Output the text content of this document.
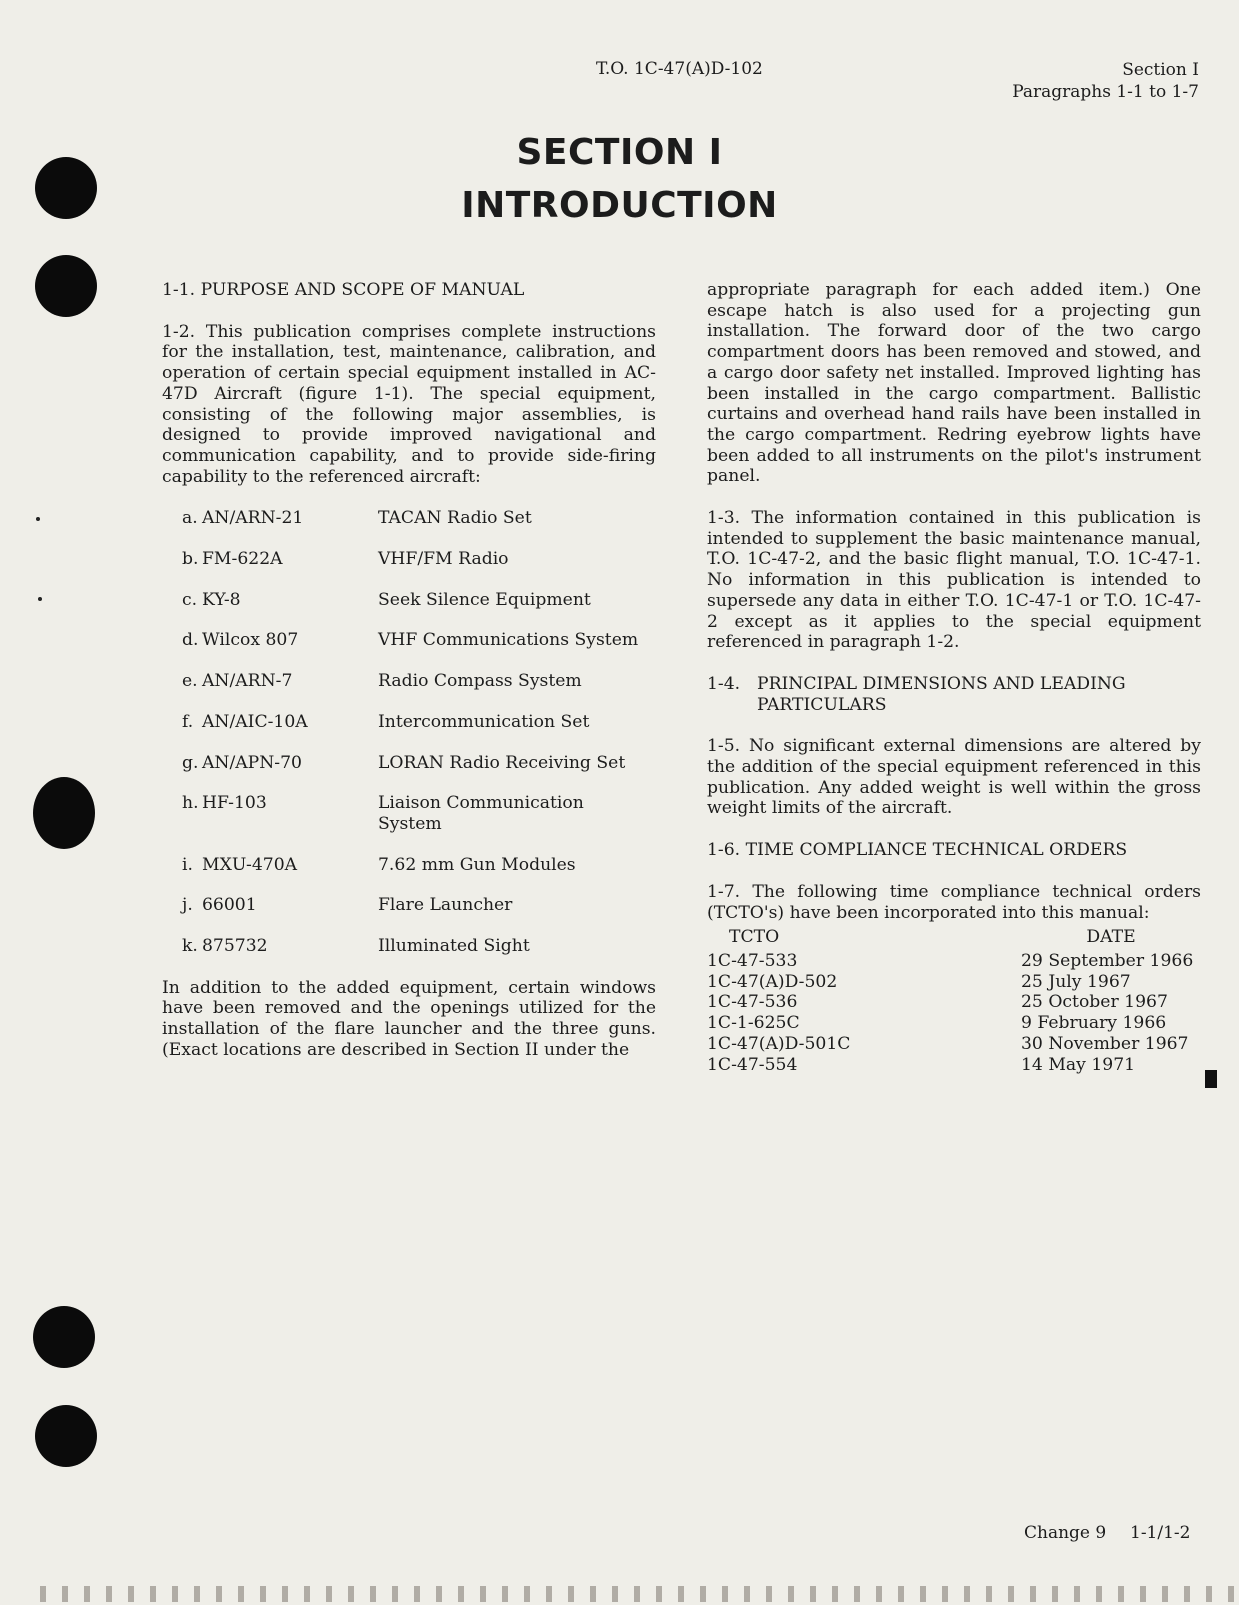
T.O. 1C-47(A)D-102	Section I
Paragraphs 1-1 to 1-7
SECTION I
INTRODUCTION
1-1. PURPOSE AND SCOPE OF MANUAL

1-2. This publication comprises complete instructions for the installation, test, maintenance, calibration, and operation of certain special equipment installed in AC-47D Aircraft (figure 1-1). The special equipment, consisting of the following major assemblies, is designed to provide improved navigational and communication capability, and to provide side-firing capability to the referenced aircraft:

a. AN/ARN-21	TACAN Radio Set
b. FM-622A	VHF/FM Radio
c. KY-8	Seek Silence Equipment
d. Wilcox 807	VHF Communications System
e. AN/ARN-7	Radio Compass System
f. AN/AIC-10A	Intercommunication Set
g. AN/APN-70	LORAN Radio Receiving Set
h. HF-103	Liaison Communication System
i. MXU-470A	7.62 mm Gun Modules
j. 66001	Flare Launcher
k. 875732	Illuminated Sight

In addition to the added equipment, certain windows have been removed and the openings utilized for the installation of the flare launcher and the three guns. (Exact locations are described in Section II under the

appropriate paragraph for each added item.) One escape hatch is also used for a projecting gun installation. The forward door of the two cargo compartment doors has been removed and stowed, and a cargo door safety net installed. Improved lighting has been installed in the cargo compartment. Ballistic curtains and overhead hand rails have been installed in the cargo compartment. Redring eyebrow lights have been added to all instruments on the pilot's instrument panel.

1-3. The information contained in this publication is intended to supplement the basic maintenance manual, T.O. 1C-47-2, and the basic flight manual, T.O. 1C-47-1. No information in this publication is intended to supersede any data in either T.O. 1C-47-1 or T.O. 1C-47-2 except as it applies to the special equipment referenced in paragraph 1-2.

1-4. PRINCIPAL DIMENSIONS AND LEADING PARTICULARS

1-5. No significant external dimensions are altered by the addition of the special equipment referenced in this publication. Any added weight is well within the gross weight limits of the aircraft.

1-6. TIME COMPLIANCE TECHNICAL ORDERS

1-7. The following time compliance technical orders (TCTO's) have been incorporated into this manual:

TCTO	DATE
1C-47-533	29 September 1966
1C-47(A)D-502	25 July 1967
1C-47-536	25 October 1967
1C-1-625C	9 February 1966
1C-47(A)D-501C	30 November 1967
1C-47-554	14 May 1971
Change 9 1-1/1-2
